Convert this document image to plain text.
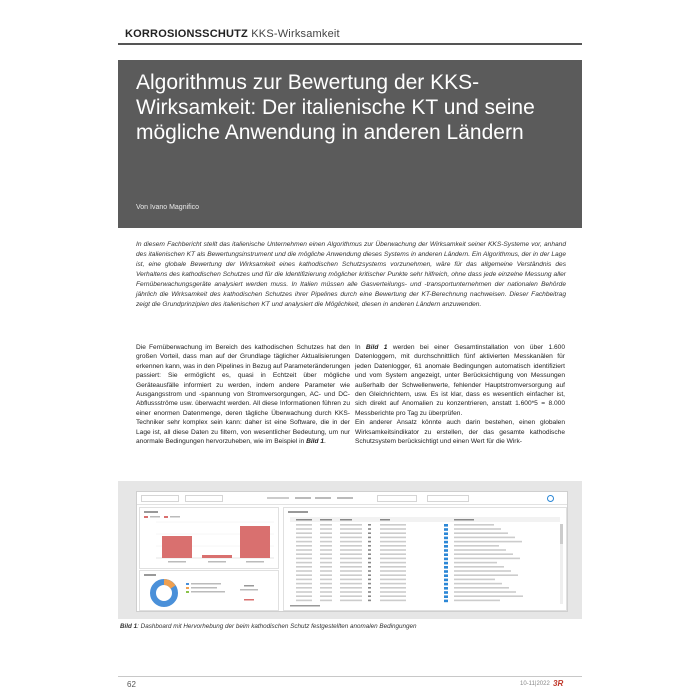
KORROSIONSSCHUTZ KKS-Wirksamkeit
Algorithmus zur Bewertung der KKS-Wirksamkeit: Der italienische KT und seine mögliche Anwendung in anderen Ländern
Von Ivano Magnifico
In diesem Fachbericht stellt das italienische Unternehmen einen Algorithmus zur Überwachung der Wirksamkeit seiner KKS-Systeme vor, anhand des italienischen KT als Bewertungsinstrument und die mögliche Anwendung dieses Systems in anderen Ländern. Ein Algorithmus, der in der Lage ist, eine globale Bewertung der Wirksamkeit eines kathodischen Schutzsystems vorzunehmen, wäre für das allgemeine Verständnis des Verhaltens des kathodischen Schutzes und für die Identifizierung möglicher kritischer Punkte sehr hilfreich, ohne dass jede einzelne Messung aller Fernüberwachungsgeräte analysiert werden muss. In Italien müssen alle Gasverteilungs- und -transportunternehmen der nationalen Behörde jährlich die Wirksamkeit des kathodischen Schutzes ihrer Pipelines durch eine Bewertung der KT-Berechnung nachweisen. Dieser Fachbeitrag zeigt die Grundprinzipien des italienischen KT und analysiert die Möglichkeit, diesen in anderen Ländern anzuwenden.
Die Fernüberwachung im Bereich des kathodischen Schutzes hat den großen Vorteil, dass man auf der Grundlage täglicher Aktualisierungen erkennen kann, was in den Pipelines in Bezug auf Parameteränderungen passiert: Sie ermöglicht es, quasi in Echtzeit über mögliche Geräteausfälle informiert zu werden, indem andere Parameter wie Ausgangsstrom und -spannung von Stromversorgungen, AC- und DC-Abflussströme usw. überwacht werden. All diese Informationen führen zu einer enormen Datenmenge, deren tägliche Überwachung durch KKS-Techniker sehr komplex sein kann: daher ist eine Software, die in der Lage ist, all diese Daten zu filtern, von wesentlicher Bedeutung, um nur anormale Bedingungen hervorzuheben, wie im Beispiel in Bild 1.
In Bild 1 werden bei einer Gesamtinstallation von über 1.600 Datenloggern, mit durchschnittlich fünf aktivierten Messkanälen für jeden Datenlogger, 61 anomale Bedingungen automatisch identifiziert und vom System angezeigt, unter Berücksichtigung von Messungen außerhalb der Schwellenwerte, fehlender Hauptstromversorgung auf den Gleichrichtern, usw. Es ist klar, dass es wesentlich einfacher ist, sich direkt auf Anomalien zu konzentrieren, anstatt 1.600*5 = 8.000 Messberichte pro Tag zu überprüfen.
Ein anderer Ansatz könnte auch darin bestehen, einen globalen Wirksamkeitsindikator zu erstellen, der das gesamte kathodische Schutzsystem berücksichtigt und einen Wert für die Wirk-
Bild 1: Dashboard mit Hervorhebung der beim kathodischen Schutz festgestellten anomalen Bedingungen
62	10-11|2022 3R
